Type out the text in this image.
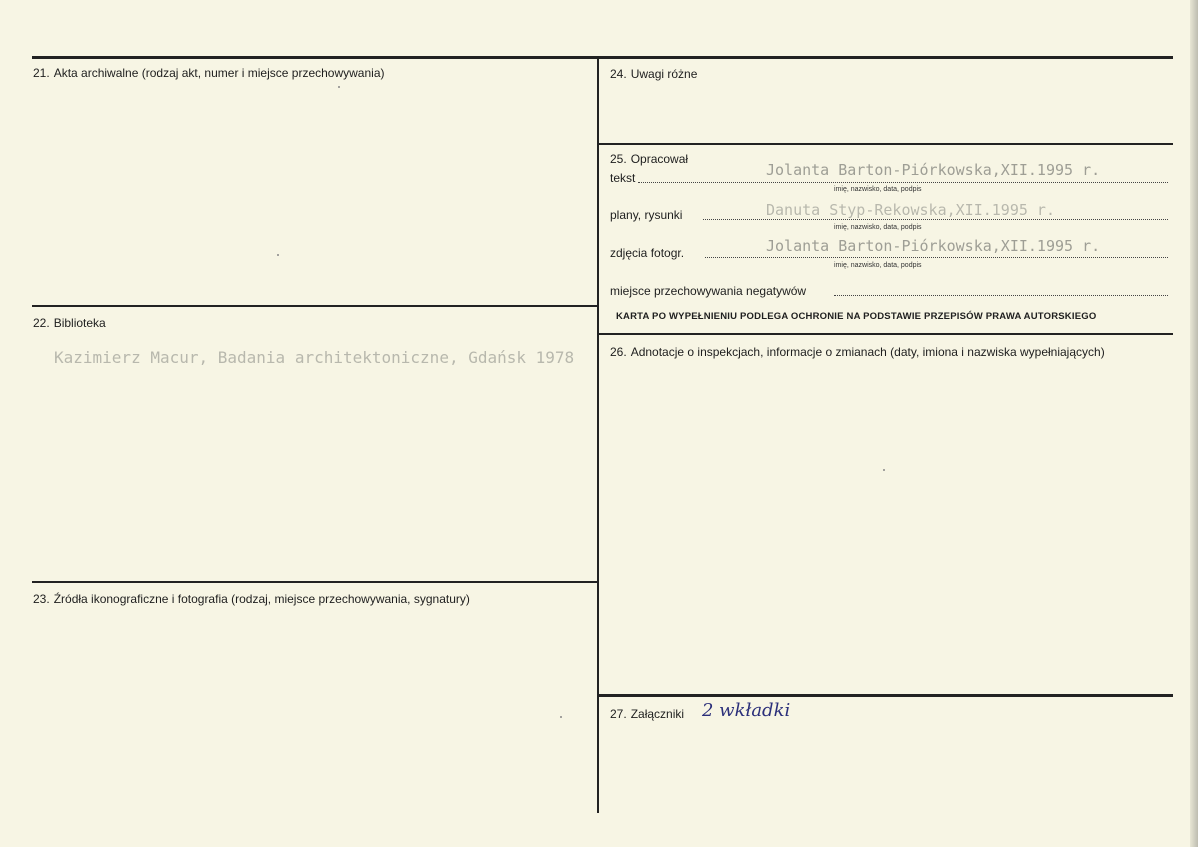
21. Akta archiwalne (rodzaj akt, numer i miejsce przechowywania)
22. Biblioteka
Kazimierz Macur, Badania architektoniczne, Gdańsk 1978
23. Źródła ikonograficzne i fotografia (rodzaj, miejsce przechowywania, sygnatury)
24. Uwagi różne
25. Opracował
tekst	Jolanta Barton-Piórkowska,XII.1995 r.
imię, nazwisko, data, podpis
plany, rysunki	Danuta Styp-Rekowska,XII.1995 r.
imię, nazwisko, data, podpis
zdjęcia fotogr.	Jolanta Barton-Piórkowska,XII.1995 r.
imię, nazwisko, data, podpis
miejsce przechowywania negatywów
KARTA PO WYPEŁNIENIU PODLEGA OCHRONIE NA PODSTAWIE PRZEPISÓW PRAWA AUTORSKIEGO
26. Adnotacje o inspekcjach, informacje o zmianach (daty, imiona i nazwiska wypełniających)
27. Załączniki 2 wkładki
